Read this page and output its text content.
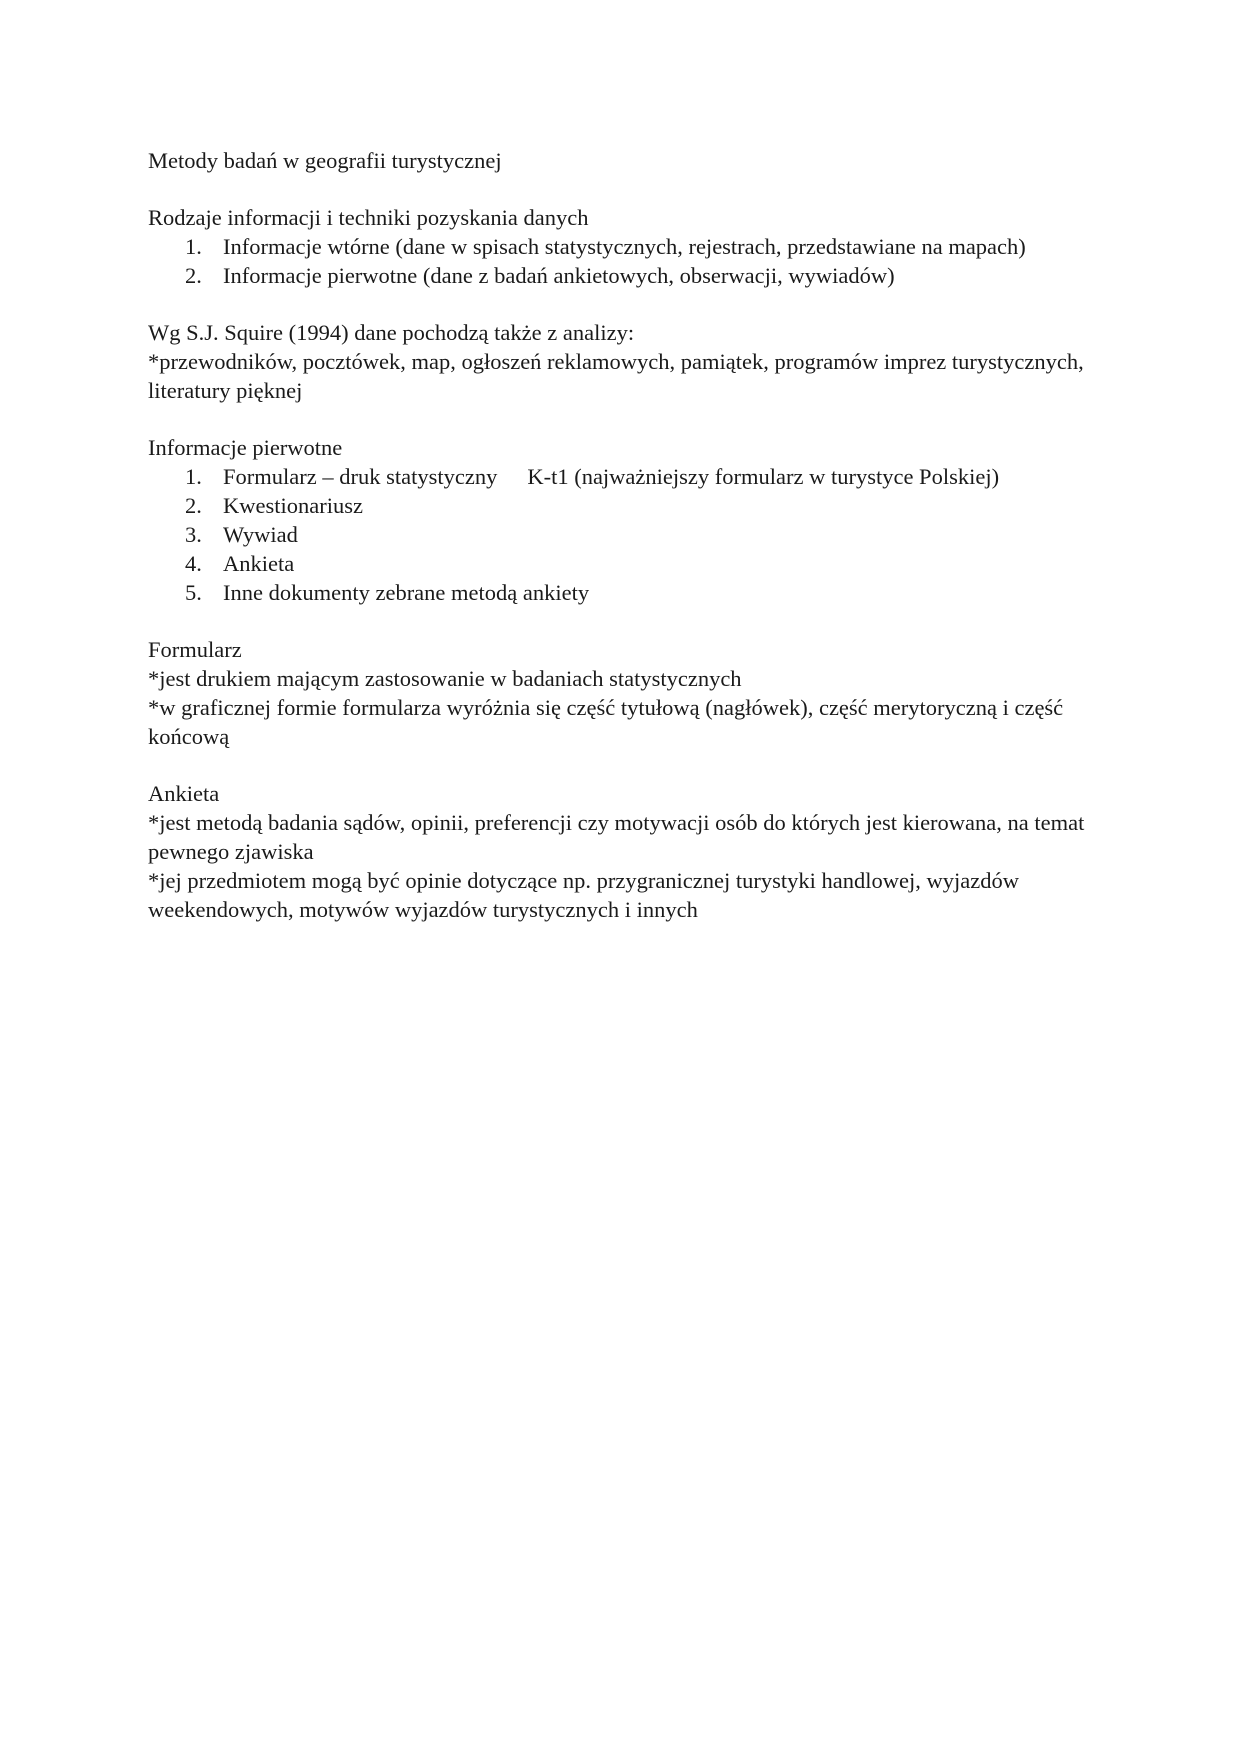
Metody badań w geografii turystycznej

Rodzaje informacji i techniki pozyskania danych

1. Informacje wtórne (dane w spisach statystycznych, rejestrach, przedstawiane na mapach)
2. Informacje pierwotne (dane z badań ankietowych, obserwacji, wywiadów)

Wg S.J. Squire (1994) dane pochodzą także z analizy:

*przewodników, pocztówek, map, ogłoszeń reklamowych, pamiątek, programów imprez turystycznych, literatury pięknej

Informacje pierwotne

1. Formularz – druk statystyczny K-t1 (najważniejszy formularz w turystyce Polskiej)
2. Kwestionariusz
3. Wywiad
4. Ankieta
5. Inne dokumenty zebrane metodą ankiety

Formularz

*jest drukiem mającym zastosowanie w badaniach statystycznych

*w graficznej formie formularza wyróżnia się część tytułową (nagłówek), część merytoryczną i część końcową

Ankieta

*jest metodą badania sądów, opinii, preferencji czy motywacji osób do których jest kierowana, na temat pewnego zjawiska

*jej przedmiotem mogą być opinie dotyczące np. przygranicznej turystyki handlowej, wyjazdów weekendowych, motywów wyjazdów turystycznych i innych
